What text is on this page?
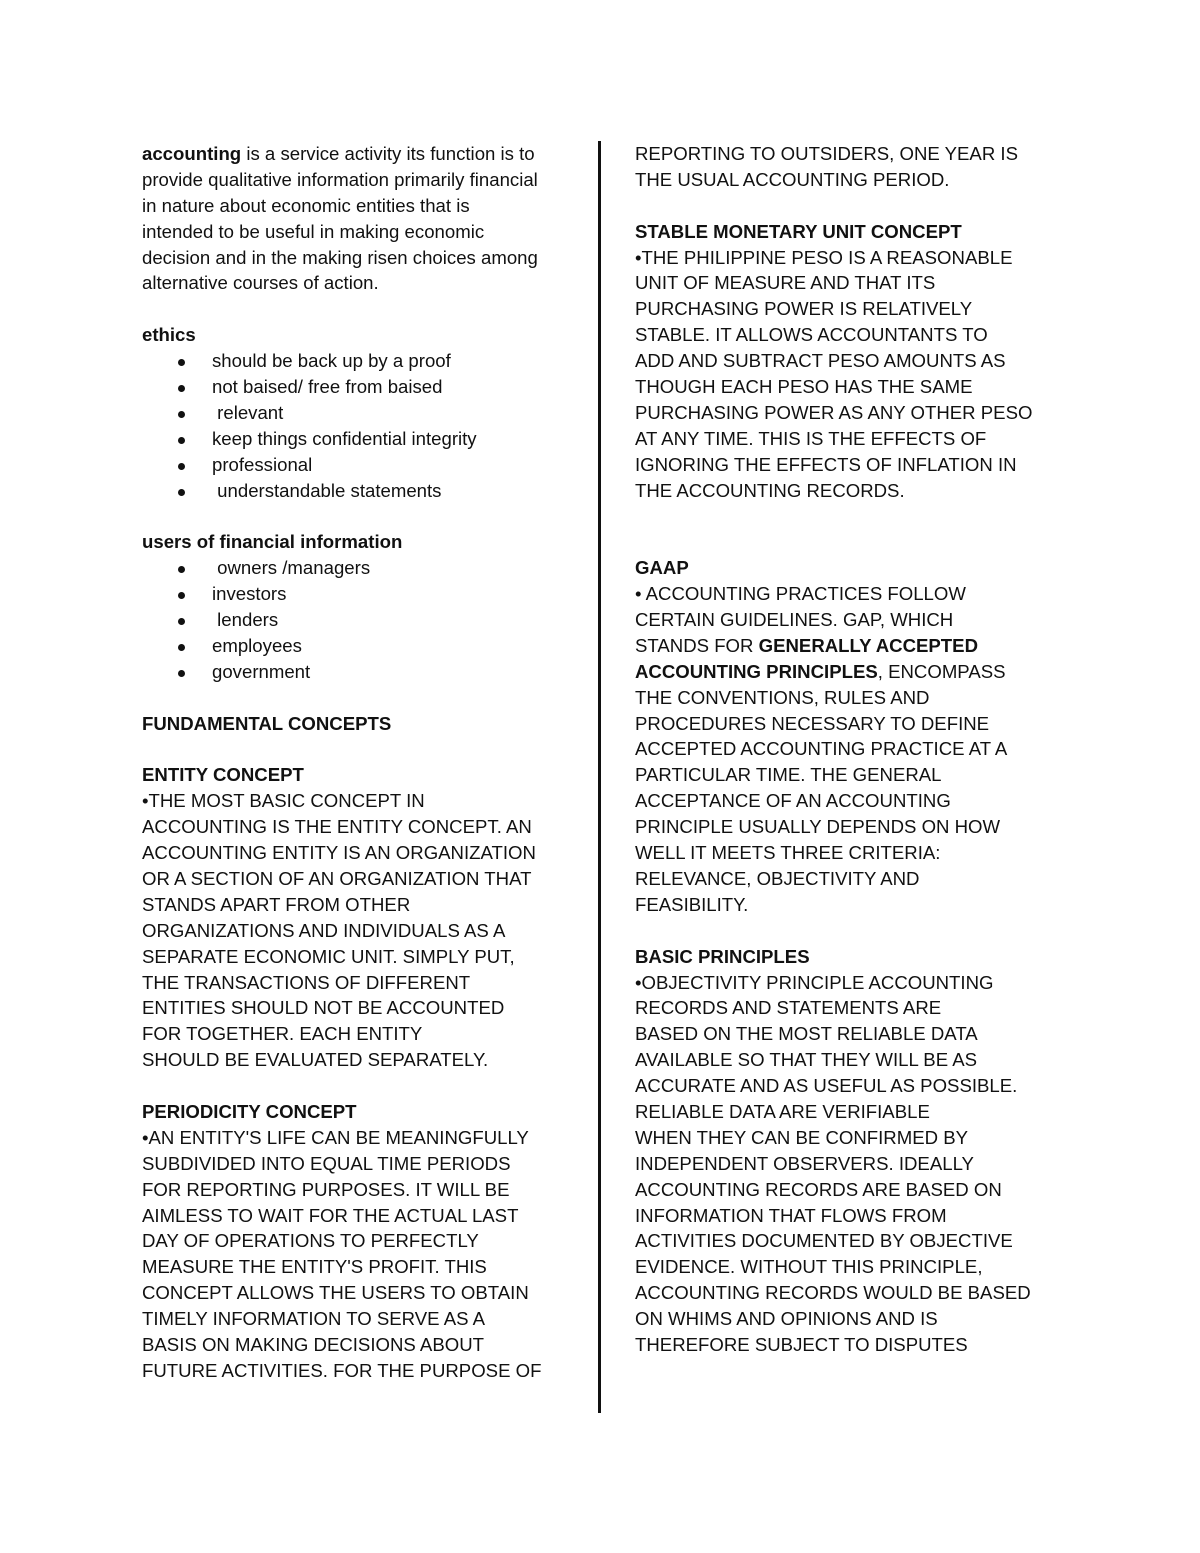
accounting is a service activity its function is to
provide qualitative information primarily financial
in nature about economic entities that is
intended to be useful in making economic
decision and in the making risen choices among
alternative courses of action.
ethics
should be back up by a proof
not baised/ free from baised
relevant
keep things confidential integrity
professional
understandable statements
users of financial information
owners /managers
investors
lenders
employees
government
FUNDAMENTAL CONCEPTS
ENTITY CONCEPT
•THE MOST BASIC CONCEPT IN
ACCOUNTING IS THE ENTITY CONCEPT. AN
ACCOUNTING ENTITY IS AN ORGANIZATION
OR A SECTION OF AN ORGANIZATION THAT
STANDS APART FROM OTHER
ORGANIZATIONS AND INDIVIDUALS AS A
SEPARATE ECONOMIC UNIT. SIMPLY PUT,
THE TRANSACTIONS OF DIFFERENT
ENTITIES SHOULD NOT BE ACCOUNTED
FOR TOGETHER. EACH ENTITY
SHOULD BE EVALUATED SEPARATELY.
PERIODICITY CONCEPT
•AN ENTITY'S LIFE CAN BE MEANINGFULLY
SUBDIVIDED INTO EQUAL TIME PERIODS
FOR REPORTING PURPOSES. IT WILL BE
AIMLESS TO WAIT FOR THE ACTUAL LAST
DAY OF OPERATIONS TO PERFECTLY
MEASURE THE ENTITY'S PROFIT. THIS
CONCEPT ALLOWS THE USERS TO OBTAIN
TIMELY INFORMATION TO SERVE AS A
BASIS ON MAKING DECISIONS ABOUT
FUTURE ACTIVITIES. FOR THE PURPOSE OF
REPORTING TO OUTSIDERS, ONE YEAR IS
THE USUAL ACCOUNTING PERIOD.
STABLE MONETARY UNIT CONCEPT
•THE PHILIPPINE PESO IS A REASONABLE
UNIT OF MEASURE AND THAT ITS
PURCHASING POWER IS RELATIVELY
STABLE. IT ALLOWS ACCOUNTANTS TO
ADD AND SUBTRACT PESO AMOUNTS AS
THOUGH EACH PESO HAS THE SAME
PURCHASING POWER AS ANY OTHER PESO
AT ANY TIME. THIS IS THE EFFECTS OF
IGNORING THE EFFECTS OF INFLATION IN
THE ACCOUNTING RECORDS.
GAAP
• ACCOUNTING PRACTICES FOLLOW
CERTAIN GUIDELINES. GAP, WHICH
STANDS FOR GENERALLY ACCEPTED
ACCOUNTING PRINCIPLES, ENCOMPASS
THE CONVENTIONS, RULES AND
PROCEDURES NECESSARY TO DEFINE
ACCEPTED ACCOUNTING PRACTICE AT A
PARTICULAR TIME. THE GENERAL
ACCEPTANCE OF AN ACCOUNTING
PRINCIPLE USUALLY DEPENDS ON HOW
WELL IT MEETS THREE CRITERIA:
RELEVANCE, OBJECTIVITY AND
FEASIBILITY.
BASIC PRINCIPLES
•OBJECTIVITY PRINCIPLE ACCOUNTING
RECORDS AND STATEMENTS ARE
BASED ON THE MOST RELIABLE DATA
AVAILABLE SO THAT THEY WILL BE AS
ACCURATE AND AS USEFUL AS POSSIBLE.
RELIABLE DATA ARE VERIFIABLE
WHEN THEY CAN BE CONFIRMED BY
INDEPENDENT OBSERVERS. IDEALLY
ACCOUNTING RECORDS ARE BASED ON
INFORMATION THAT FLOWS FROM
ACTIVITIES DOCUMENTED BY OBJECTIVE
EVIDENCE. WITHOUT THIS PRINCIPLE,
ACCOUNTING RECORDS WOULD BE BASED
ON WHIMS AND OPINIONS AND IS
THEREFORE SUBJECT TO DISPUTES
